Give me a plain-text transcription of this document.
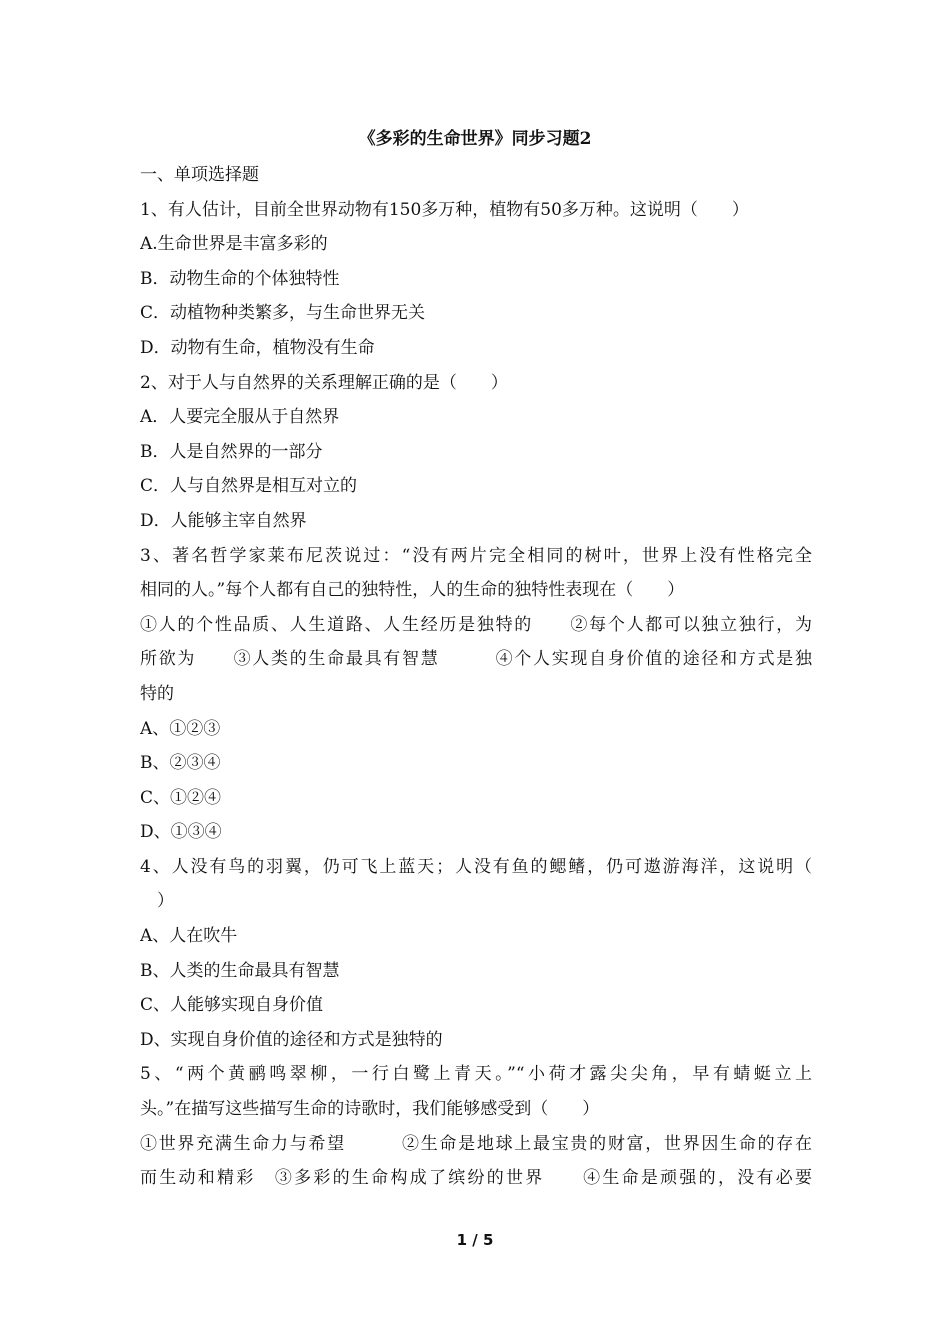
《多彩的生命世界》同步习题2
一、单项选择题
1、有人估计，目前全世界动物有150多万种，植物有50多万种。这说明（　　）
A.生命世界是丰富多彩的
B．动物生命的个体独特性
C．动植物种类繁多，与生命世界无关
D．动物有生命，植物没有生命
2、对于人与自然界的关系理解正确的是（　　）
A．人要完全服从于自然界
B．人是自然界的一部分
C．人与自然界是相互对立的
D．人能够主宰自然界
3、著名哲学家莱布尼茨说过：“没有两片完全相同的树叶，世界上没有性格完全
相同的人。”每个人都有自己的独特性，人的生命的独特性表现在（　　）
①人的个性品质、人生道路、人生经历是独特的　　②每个人都可以独立独行，为
所欲为　　③人类的生命最具有智慧　　　④个人实现自身价值的途径和方式是独
特的
A、①②③
B、②③④
C、①②④
D、①③④
4、人没有鸟的羽翼，仍可飞上蓝天；人没有鱼的鳃鳍，仍可遨游海洋，这说明（
　）
A、人在吹牛
B、人类的生命最具有智慧
C、人能够实现自身价值
D、实现自身价值的途径和方式是独特的
5、“两个黄鹂鸣翠柳，一行白鹭上青天。”“小荷才露尖尖角，早有蜻蜓立上
头。”在描写这些描写生命的诗歌时，我们能够感受到（　　）
①世界充满生命力与希望　　　②生命是地球上最宝贵的财富，世界因生命的存在
而生动和精彩　③多彩的生命构成了缤纷的世界　　④生命是顽强的，没有必要
1 / 5
